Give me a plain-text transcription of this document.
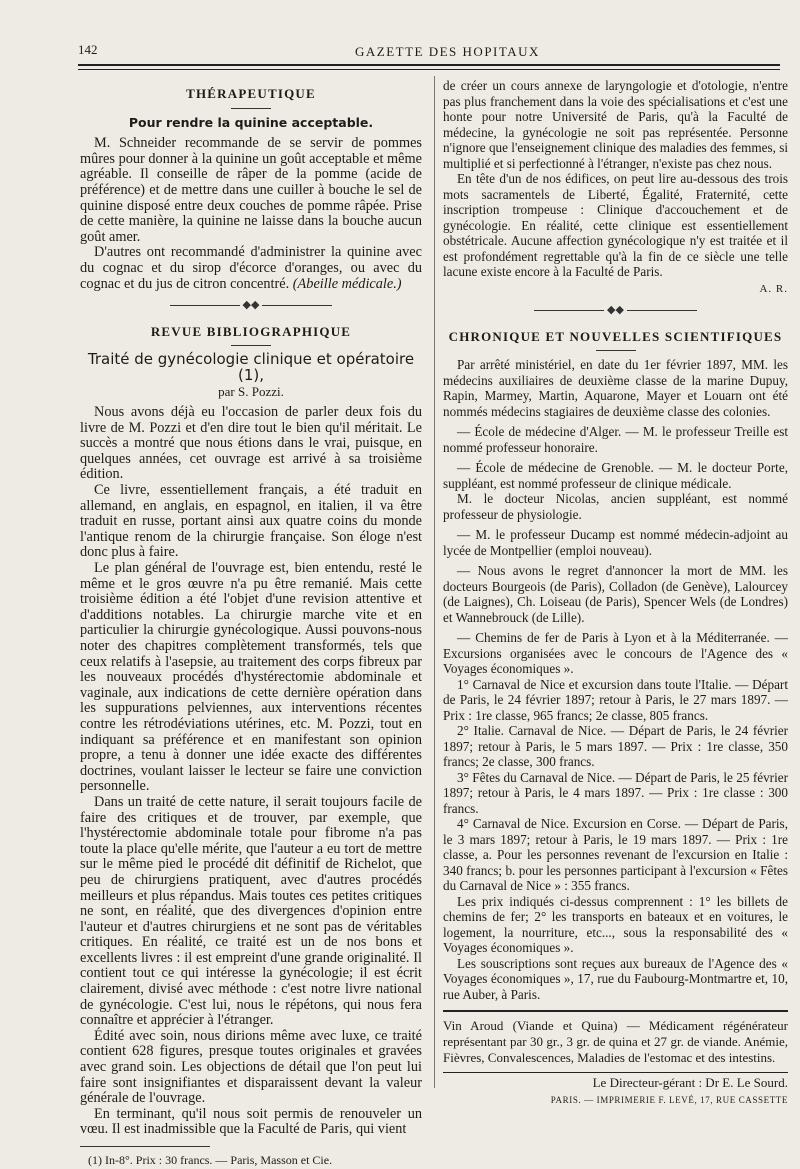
142	GAZETTE DES HOPITAUX

THÉRAPEUTIQUE

Pour rendre la quinine acceptable.

M. Schneider recommande de se servir de pommes mûres pour donner à la quinine un goût acceptable et même agréable. Il conseille de râper de la pomme (acide de préférence) et de mettre dans une cuiller à bouche le sel de quinine disposé entre deux couches de pomme râpée. Prise de cette manière, la quinine ne laisse dans la bouche aucun goût amer.

D'autres ont recommandé d'administrer la quinine avec du cognac et du sirop d'écorce d'oranges, ou avec du cognac et du jus de citron concentré. (Abeille médicale.)

◆◆

REVUE BIBLIOGRAPHIQUE

Traité de gynécologie clinique et opératoire (1),

par S. Pozzi.

Nous avons déjà eu l'occasion de parler deux fois du livre de M. Pozzi et d'en dire tout le bien qu'il méritait. Le succès a montré que nous étions dans le vrai, puisque, en quelques années, cet ouvrage est arrivé à sa troisième édition.

Ce livre, essentiellement français, a été traduit en allemand, en anglais, en espagnol, en italien, il va être traduit en russe, portant ainsi aux quatre coins du monde l'antique renom de la chirurgie française. Son éloge n'est donc plus à faire.

Le plan général de l'ouvrage est, bien entendu, resté le même et le gros œuvre n'a pu être remanié. Mais cette troisième édition a été l'objet d'une revision attentive et d'additions notables. La chirurgie marche vite et en particulier la chirurgie gynécologique. Aussi pouvons-nous noter des chapitres complètement transformés, tels que ceux relatifs à l'asepsie, au traitement des corps fibreux par les nouveaux procédés d'hystérectomie abdominale et vaginale, aux indications de cette dernière opération dans les suppurations pelviennes, aux interventions récentes contre les rétrodéviations utérines, etc. M. Pozzi, tout en indiquant sa préférence et en manifestant son opinion propre, a tenu à donner une idée exacte des différentes doctrines, voulant laisser le lecteur se faire une conviction personnelle.

Dans un traité de cette nature, il serait toujours facile de faire des critiques et de trouver, par exemple, que l'hystérectomie abdominale totale pour fibrome n'a pas toute la place qu'elle mérite, que l'auteur a eu tort de mettre sur le même pied le procédé dit définitif de Richelot, que peu de chirurgiens pratiquent, avec d'autres procédés meilleurs et plus répandus. Mais toutes ces petites critiques ne sont, en réalité, que des divergences d'opinion entre l'auteur et d'autres chirurgiens et ne sont pas de véritables critiques. En réalité, ce traité est un de nos bons et excellents livres : il est empreint d'une grande originalité. Il contient tout ce qui intéresse la gynécologie; il est écrit clairement, divisé avec méthode : c'est notre livre national de gynécologie. C'est lui, nous le répétons, qui nous fera connaître et apprécier à l'étranger.

Édité avec soin, nous dirions même avec luxe, ce traité contient 628 figures, presque toutes originales et gravées avec grand soin. Les objections de détail que l'on peut lui faire sont insignifiantes et disparaissent devant la valeur générale de l'ouvrage.

En terminant, qu'il nous soit permis de renouveler un vœu. Il est inadmissible que la Faculté de Paris, qui vient

(1) In-8°. Prix : 30 francs. — Paris, Masson et Cie.

de créer un cours annexe de laryngologie et d'otologie, n'entre pas plus franchement dans la voie des spécialisations et c'est une honte pour notre Université de Paris, qu'à la Faculté de médecine, la gynécologie ne soit pas représentée. Personne n'ignore que l'enseignement clinique des maladies des femmes, si multiplié et si perfectionné à l'étranger, n'existe pas chez nous.

En tête d'un de nos édifices, on peut lire au-dessous des trois mots sacramentels de Liberté, Égalité, Fraternité, cette inscription trompeuse : Clinique d'accouchement et de gynécologie. En réalité, cette clinique est essentiellement obstétricale. Aucune affection gynécologique n'y est traitée et il est profondément regrettable qu'à la fin de ce siècle une telle lacune existe encore à la Faculté de Paris.

A. R.

◆◆

CHRONIQUE ET NOUVELLES SCIENTIFIQUES

Par arrêté ministériel, en date du 1er février 1897, MM. les médecins auxiliaires de deuxième classe de la marine Dupuy, Rapin, Marmey, Martin, Aquarone, Mayer et Louarn ont été nommés médecins stagiaires de deuxième classe des colonies.

— École de médecine d'Alger. — M. le professeur Treille est nommé professeur honoraire.

— École de médecine de Grenoble. — M. le docteur Porte, suppléant, est nommé professeur de clinique médicale.

M. le docteur Nicolas, ancien suppléant, est nommé professeur de physiologie.

— M. le professeur Ducamp est nommé médecin-adjoint au lycée de Montpellier (emploi nouveau).

— Nous avons le regret d'annoncer la mort de MM. les docteurs Bourgeois (de Paris), Colladon (de Genève), Lalourcey (de Laignes), Ch. Loiseau (de Paris), Spencer Wels (de Londres) et Wannebrouck (de Lille).

— Chemins de fer de Paris à Lyon et à la Méditerranée. — Excursions organisées avec le concours de l'Agence des « Voyages économiques ».

1° Carnaval de Nice et excursion dans toute l'Italie. — Départ de Paris, le 24 février 1897; retour à Paris, le 27 mars 1897. — Prix : 1re classe, 965 francs; 2e classe, 805 francs.

2° Italie. Carnaval de Nice. — Départ de Paris, le 24 février 1897; retour à Paris, le 5 mars 1897. — Prix : 1re classe, 350 francs; 2e classe, 300 francs.

3° Fêtes du Carnaval de Nice. — Départ de Paris, le 25 février 1897; retour à Paris, le 4 mars 1897. — Prix : 1re classe : 300 francs.

4° Carnaval de Nice. Excursion en Corse. — Départ de Paris, le 3 mars 1897; retour à Paris, le 19 mars 1897. — Prix : 1re classe, a. Pour les personnes revenant de l'excursion en Italie : 340 francs; b. pour les personnes participant à l'excursion « Fêtes du Carnaval de Nice » : 355 francs.

Les prix indiqués ci-dessus comprennent : 1° les billets de chemins de fer; 2° les transports en bateaux et en voitures, le logement, la nourriture, etc..., sous la responsabilité des « Voyages économiques ».

Les souscriptions sont reçues aux bureaux de l'Agence des « Voyages économiques », 17, rue du Faubourg-Montmartre et, 10, rue Auber, à Paris.

Vin Aroud (Viande et Quina) — Médicament régénérateur représentant par 30 gr., 3 gr. de quina et 27 gr. de viande. Anémie, Fièvres, Convalescences, Maladies de l'estomac et des intestins.

Le Directeur-gérant : Dr E. Le Sourd.

PARIS. — IMPRIMERIE F. LEVÉ, 17, RUE CASSETTE
